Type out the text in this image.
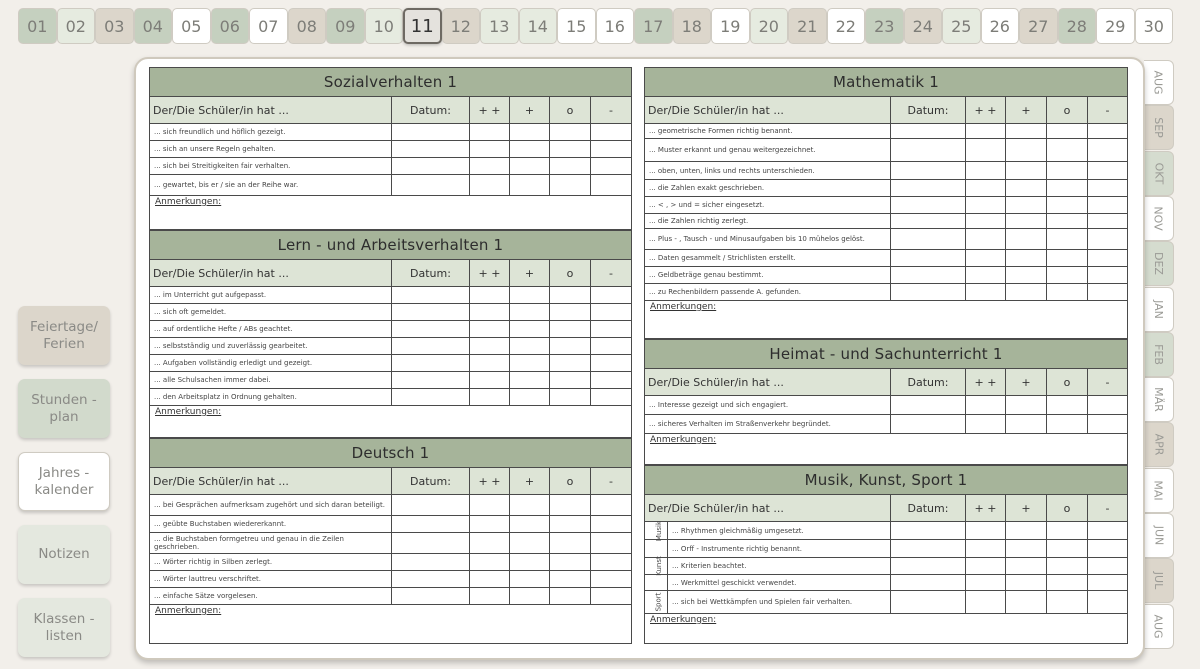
01	02	03	04	05	06	07	08	09	10 11	12	13	14	15	16	17	18	19	20	21	22	23	24	25	26	27	28	29	30
Feiertage/
Ferien
Stunden -
plan
Jahres -
kalender
Notizen
Klassen -
listen
AUG
SEP
OKT
NOV
DEZ
JAN
FEB
MÄR
APR
MAI
JUN
JUL
AUG
Sozialverhalten 1
Der/Die Schüler/in hat ...	Datum:	+ +	+	o	-
... sich freundlich und höflich gezeigt.
... sich an unsere Regeln gehalten.
... sich bei Streitigkeiten fair verhalten.
... gewartet, bis er / sie an der Reihe war.
Anmerkungen:
Lern - und Arbeitsverhalten 1
Der/Die Schüler/in hat ...	Datum:	+ +	+	o	-
... im Unterricht gut aufgepasst.
... sich oft gemeldet.
... auf ordentliche Hefte / ABs geachtet.
... selbstständig und zuverlässig gearbeitet.
... Aufgaben vollständig erledigt und gezeigt.
... alle Schulsachen immer dabei.
... den Arbeitsplatz in Ordnung gehalten.
Anmerkungen:
Deutsch 1
Der/Die Schüler/in hat ...	Datum:	+ +	+	o	-
... bei Gesprächen aufmerksam zugehört und sich daran beteiligt.
... geübte Buchstaben wiedererkannt.
... die Buchstaben formgetreu und genau in die Zeilen geschrieben.
... Wörter richtig in Silben zerlegt.
... Wörter lauttreu verschriftet.
... einfache Sätze vorgelesen.
Anmerkungen:
Mathematik 1
Der/Die Schüler/in hat ...	Datum:	+ +	+	o	-
... geometrische Formen richtig benannt.
... Muster erkannt und genau weitergezeichnet.
... oben, unten, links und rechts unterschieden.
... die Zahlen exakt geschrieben.
... < , > und = sicher eingesetzt.
... die Zahlen richtig zerlegt.
... Plus - , Tausch - und Minusaufgaben bis 10 mühelos gelöst.
... Daten gesammelt / Strichlisten erstellt.
... Geldbeträge genau bestimmt.
... zu Rechenbildern passende A. gefunden.
Anmerkungen:
Heimat - und Sachunterricht 1
Der/Die Schüler/in hat ...	Datum:	+ +	+	o	-
... Interesse gezeigt und sich engagiert.
... sicheres Verhalten im Straßenverkehr begründet.
Anmerkungen:
Musik, Kunst, Sport 1
Der/Die Schüler/in hat ...	Datum:	+ +	+	o	-
Musik	... Rhythmen gleichmäßig umgesetzt.
... Orff - Instrumente richtig benannt.
Kunst	... Kriterien beachtet.
... Werkmittel geschickt verwendet.
Sport	... sich bei Wettkämpfen und Spielen fair verhalten.
Anmerkungen:
